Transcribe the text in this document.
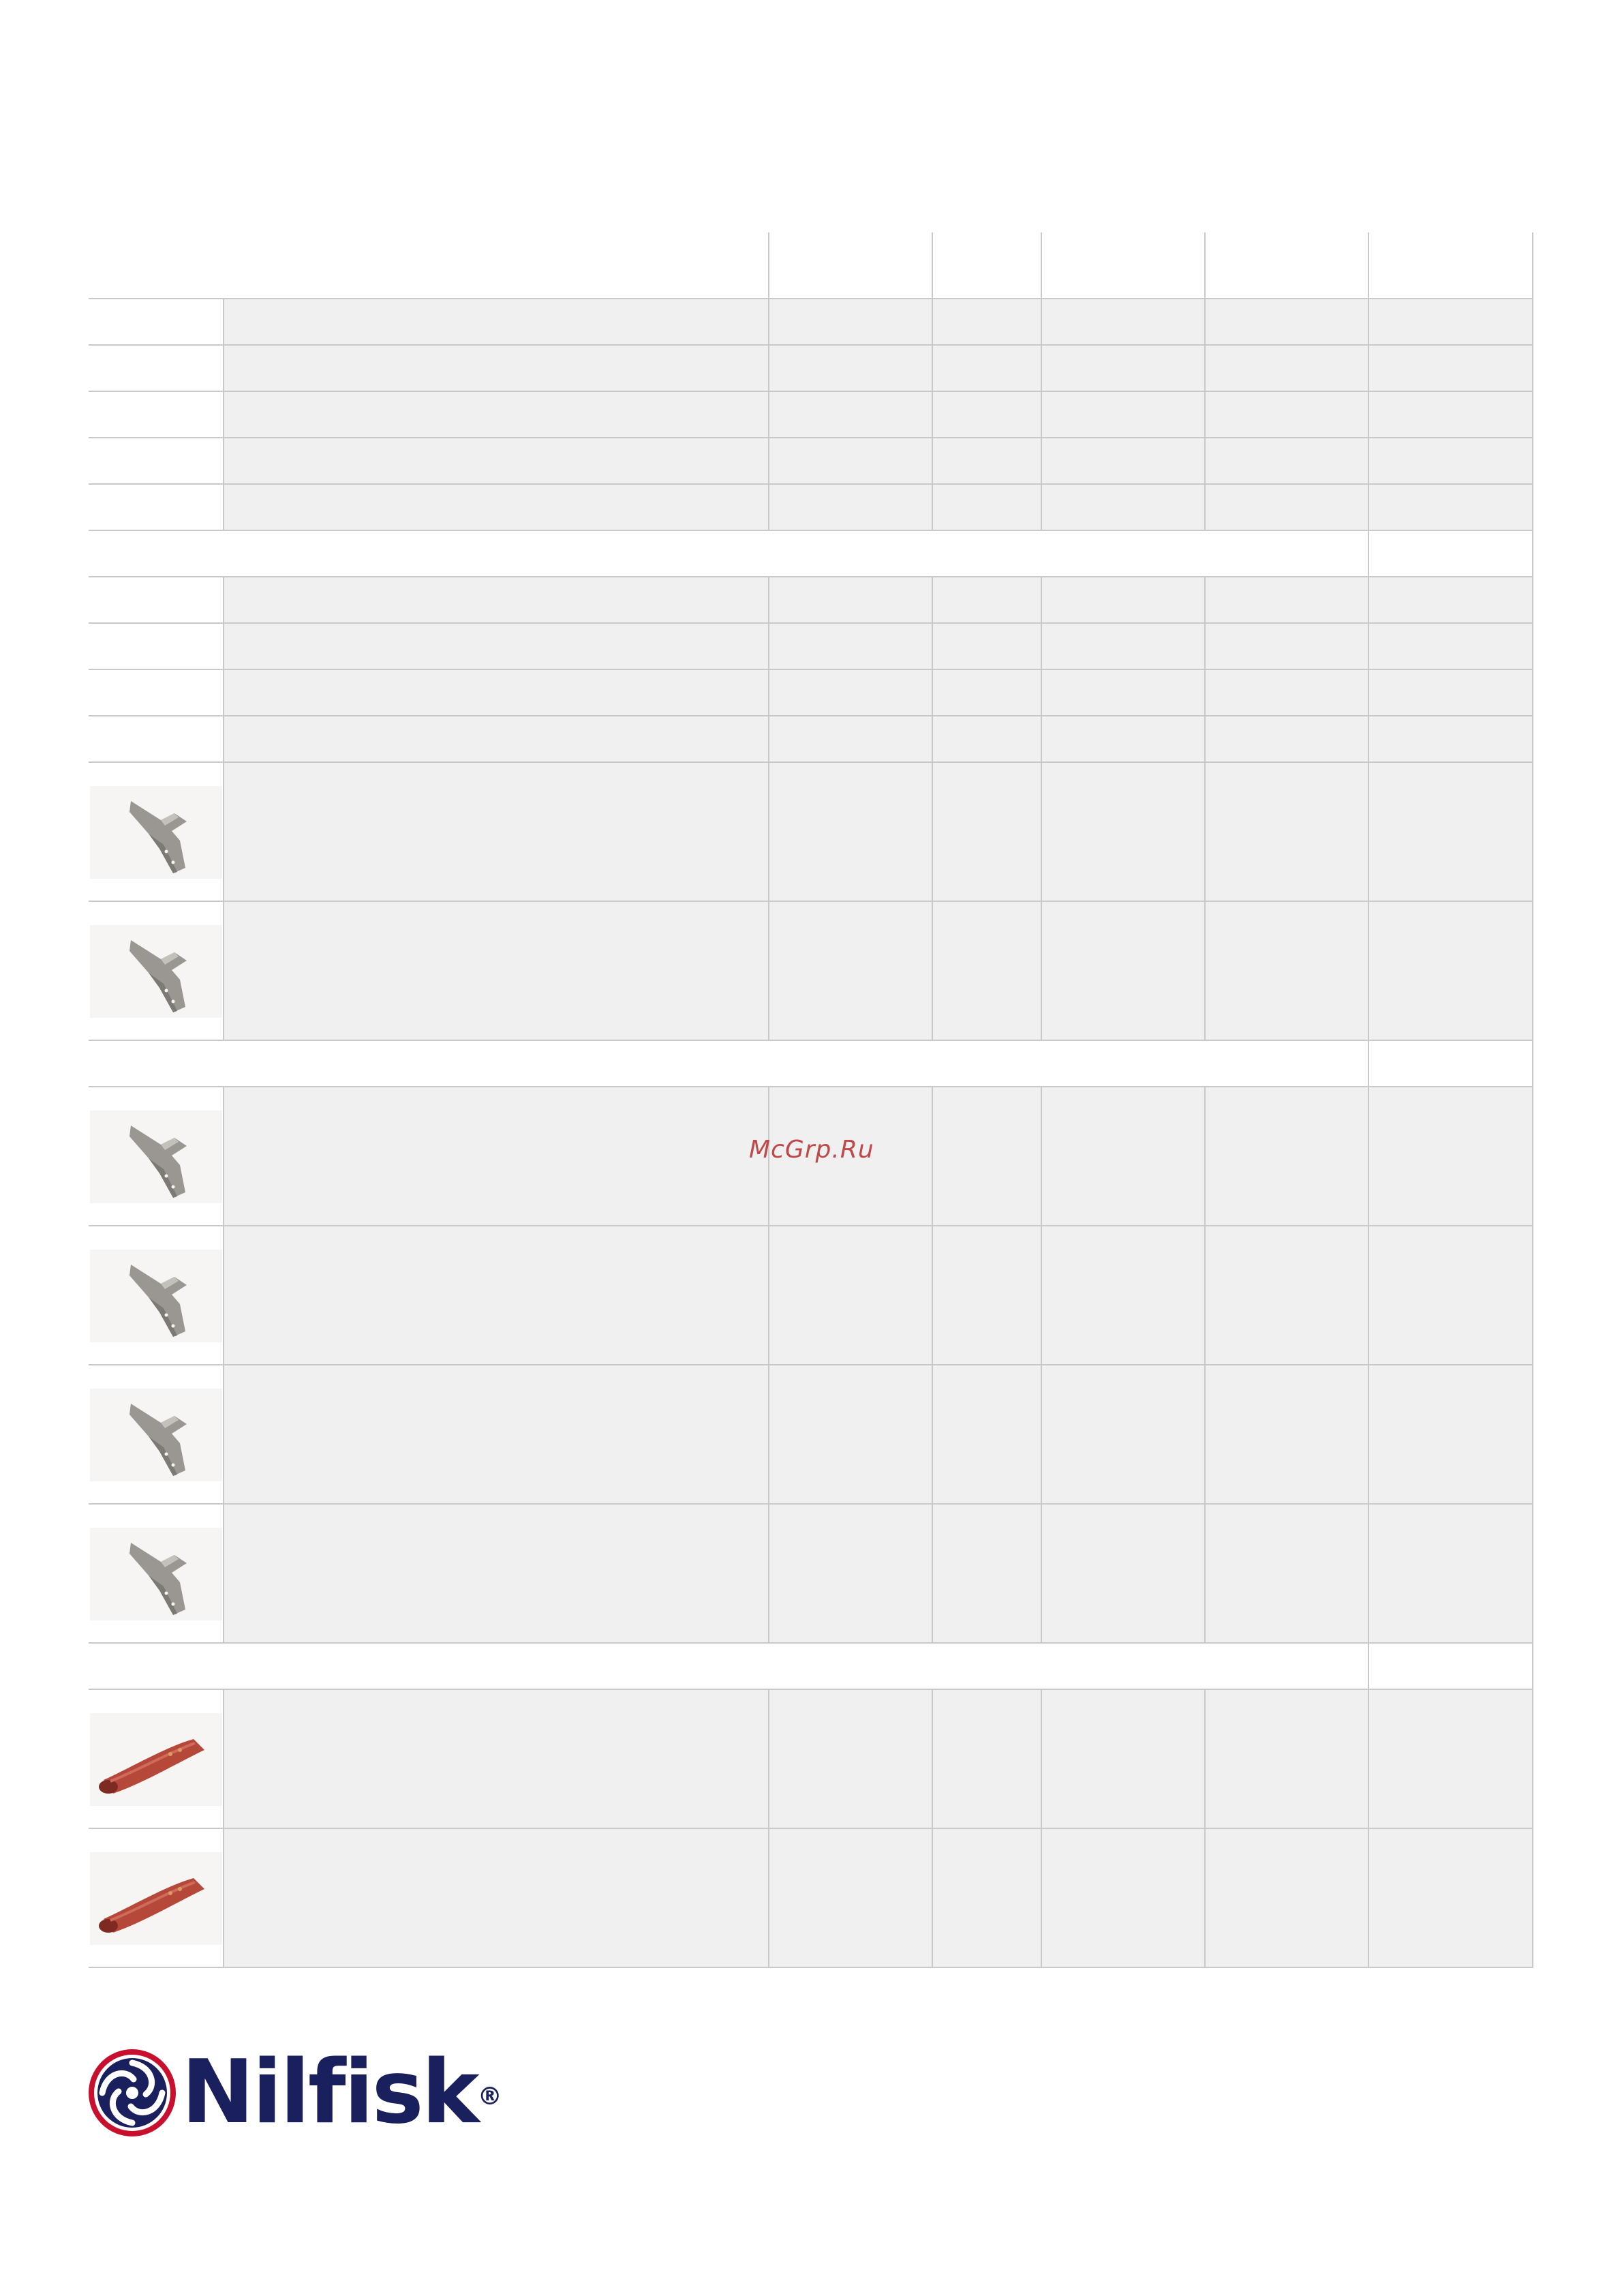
McGrp.Ru
Nilfisk®
